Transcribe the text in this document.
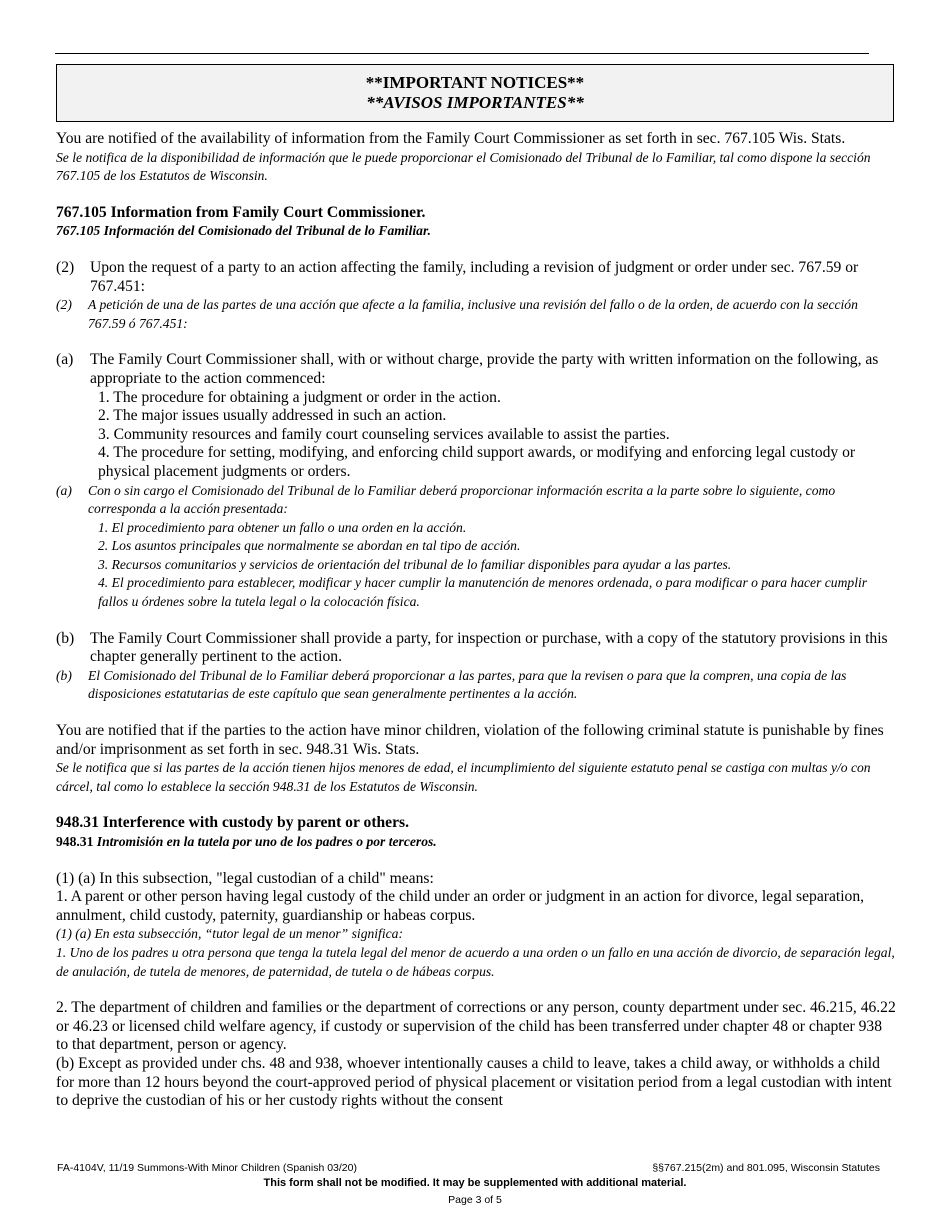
**IMPORTANT NOTICES**
**AVISOS IMPORTANTES**

You are notified of the availability of information from the Family Court Commissioner as set forth in sec. 767.105 Wis. Stats.

Se le notifica de la disponibilidad de información que le puede proporcionar el Comisionado del Tribunal de lo Familiar, tal como dispone la sección 767.105 de los Estatutos de Wisconsin.

767.105 Information from Family Court Commissioner.

767.105 Información del Comisionado del Tribunal de lo Familiar.

(2)	Upon the request of a party to an action affecting the family, including a revision of judgment or order under sec. 767.59 or 767.451:
(2)	A petición de una de las partes de una acción que afecte a la familia, inclusive una revisión del fallo o de la orden, de acuerdo con la sección 767.59 ó 767.451:
(a)	The Family Court Commissioner shall, with or without charge, provide the party with written information on the following, as appropriate to the action commenced:
1. The procedure for obtaining a judgment or order in the action.
2. The major issues usually addressed in such an action.
3. Community resources and family court counseling services available to assist the parties.
4. The procedure for setting, modifying, and enforcing child support awards, or modifying and enforcing legal custody or physical placement judgments or orders.
(a)	Con o sin cargo el Comisionado del Tribunal de lo Familiar deberá proporcionar información escrita a la parte sobre lo siguiente, como corresponda a la acción presentada:
1. El procedimiento para obtener un fallo o una orden en la acción.
2. Los asuntos principales que normalmente se abordan en tal tipo de acción.
3. Recursos comunitarios y servicios de orientación del tribunal de lo familiar disponibles para ayudar a las partes.
4. El procedimiento para establecer, modificar y hacer cumplir la manutención de menores ordenada, o para modificar o para hacer cumplir fallos u órdenes sobre la tutela legal o la colocación física.
(b)	The Family Court Commissioner shall provide a party, for inspection or purchase, with a copy of the statutory provisions in this chapter generally pertinent to the action.
(b)	El Comisionado del Tribunal de lo Familiar deberá proporcionar a las partes, para que la revisen o para que la compren, una copia de las disposiciones estatutarias de este capítulo que sean generalmente pertinentes a la acción.

You are notified that if the parties to the action have minor children, violation of the following criminal statute is punishable by fines and/or imprisonment as set forth in sec. 948.31 Wis. Stats.

Se le notifica que si las partes de la acción tienen hijos menores de edad, el incumplimiento del siguiente estatuto penal se castiga con multas y/o con cárcel, tal como lo establece la sección 948.31 de los Estatutos de Wisconsin.

948.31 Interference with custody by parent or others.

948.31 Intromisión en la tutela por uno de los padres o por terceros.

(1) (a) In this subsection, "legal custodian of a child" means:

1. A parent or other person having legal custody of the child under an order or judgment in an action for divorce, legal separation, annulment, child custody, paternity, guardianship or habeas corpus.

(1) (a) En esta subsección, “tutor legal de un menor” significa:

1. Uno de los padres u otra persona que tenga la tutela legal del menor de acuerdo a una orden o un fallo en una acción de divorcio, de separación legal, de anulación, de tutela de menores, de paternidad, de tutela o de hábeas corpus.

2. The department of children and families or the department of corrections or any person, county department under sec. 46.215, 46.22 or 46.23 or licensed child welfare agency, if custody or supervision of the child has been transferred under chapter 48 or chapter 938 to that department, person or agency.

(b) Except as provided under chs. 48 and 938, whoever intentionally causes a child to leave, takes a child away, or withholds a child for more than 12 hours beyond the court-approved period of physical placement or visitation period from a legal custodian with intent to deprive the custodian of his or her custody rights without the consent

FA-4104V, 11/19 Summons-With Minor Children (Spanish 03/20)	§§767.215(2m) and 801.095, Wisconsin Statutes
This form shall not be modified. It may be supplemented with additional material.
Page 3 of 5
